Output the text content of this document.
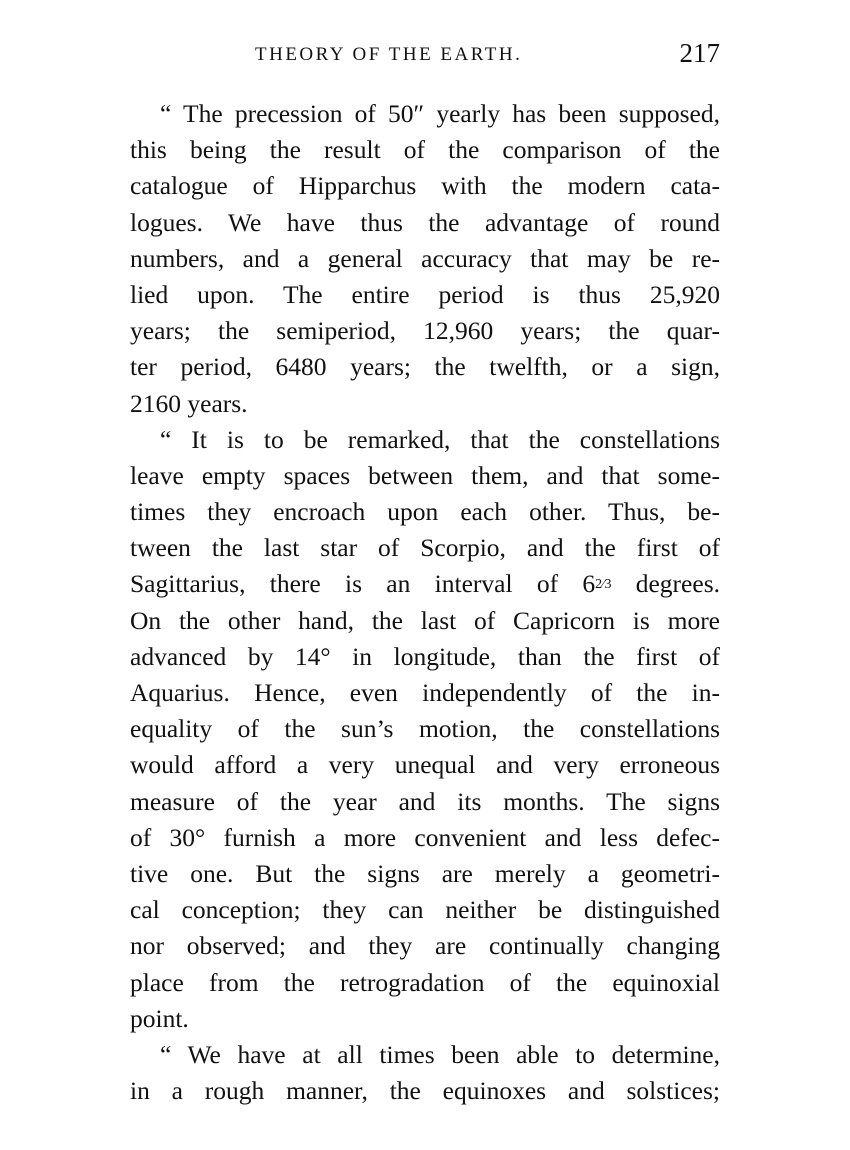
THEORY OF THE EARTH.	217
“ The precession of 50″ yearly has been supposed,
this being the result of the comparison of the
catalogue of Hipparchus with the modern cata-
logues. We have thus the advantage of round
numbers, and a general accuracy that may be re-
lied upon. The entire period is thus 25,920
years; the semiperiod, 12,960 years; the quar-
ter period, 6480 years; the twelfth, or a sign,
2160 years.
“ It is to be remarked, that the constellations
leave empty spaces between them, and that some-
times they encroach upon each other. Thus, be-
tween the last star of Scorpio, and the first of
Sagittarius, there is an interval of 62⁄3 degrees.
On the other hand, the last of Capricorn is more
advanced by 14° in longitude, than the first of
Aquarius. Hence, even independently of the in-
equality of the sun’s motion, the constellations
would afford a very unequal and very erroneous
measure of the year and its months. The signs
of 30° furnish a more convenient and less defec-
tive one. But the signs are merely a geometri-
cal conception; they can neither be distinguished
nor observed; and they are continually changing
place from the retrogradation of the equinoxial
point.
“ We have at all times been able to determine,
in a rough manner, the equinoxes and solstices;
